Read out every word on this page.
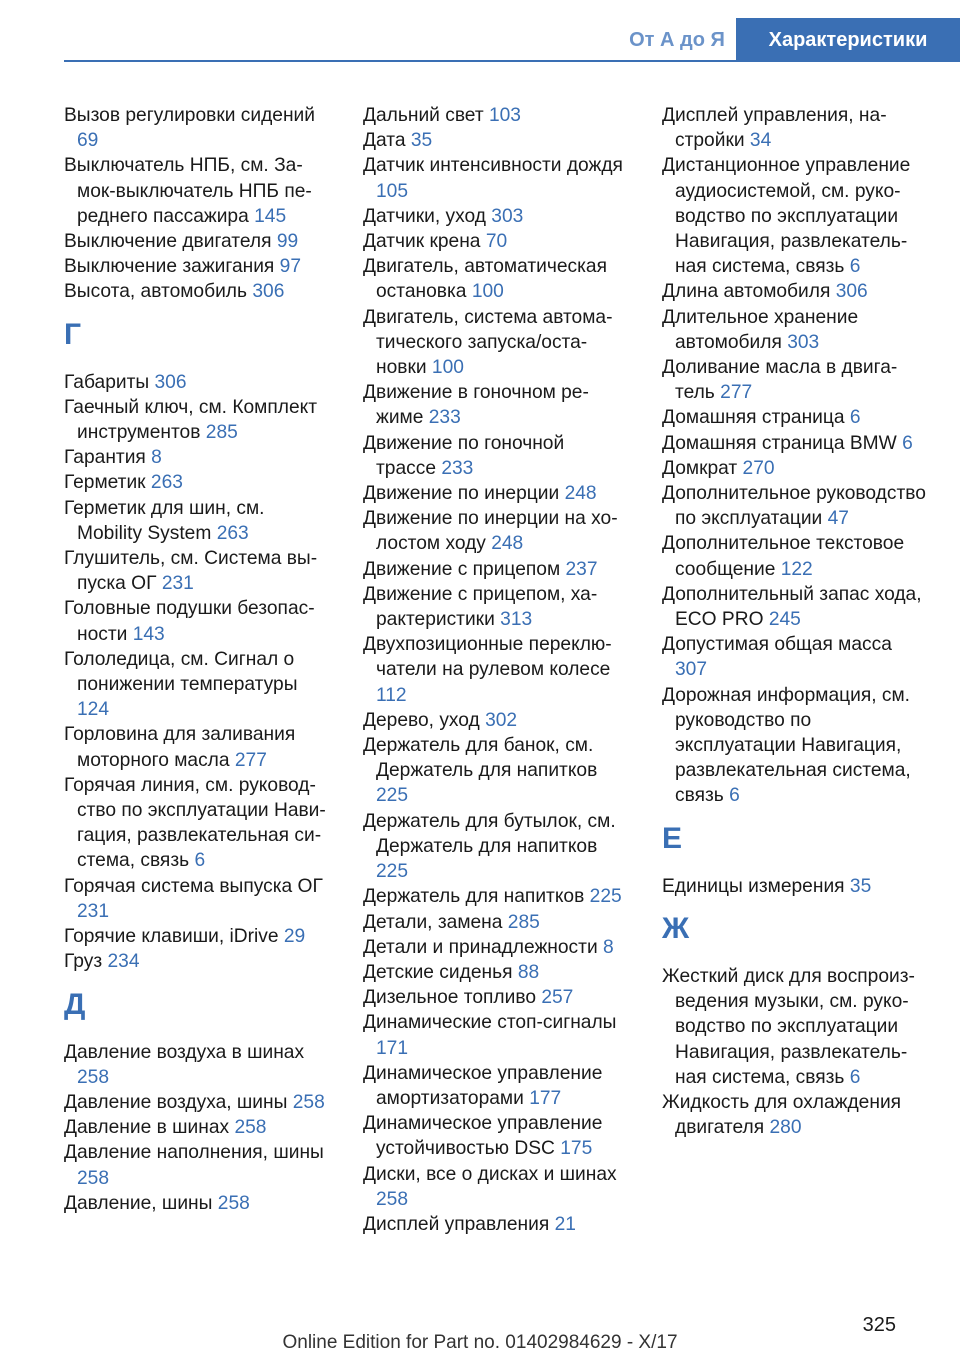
От А до Я	Характеристики
Вызов регулировки сидений 69
Выключатель НПБ, см. Замок-выключатель НПБ переднего пассажира 145
Выключение двигателя 99
Выключение зажигания 97
Высота, автомобиль 306
Г
Габариты 306
Гаечный ключ, см. Комплект инструментов 285
Гарантия 8
Герметик 263
Герметик для шин, см. Mobility System 263
Глушитель, см. Система выпуска ОГ 231
Головные подушки безопасности 143
Гололедица, см. Сигнал о понижении температуры 124
Горловина для заливания моторного масла 277
Горячая линия, см. руководство по эксплуатации Навигация, развлекательная система, связь 6
Горячая система выпуска ОГ 231
Горячие клавиши, iDrive 29
Груз 234
Д
Давление воздуха в шинах 258
Давление воздуха, шины 258
Давление в шинах 258
Давление наполнения, шины 258
Давление, шины 258
Дальний свет 103
Дата 35
Датчик интенсивности дождя 105
Датчики, уход 303
Датчик крена 70
Двигатель, автоматическая остановка 100
Двигатель, система автоматического запуска/остановки 100
Движение в гоночном режиме 233
Движение по гоночной трассе 233
Движение по инерции 248
Движение по инерции на холостом ходу 248
Движение с прицепом 237
Движение с прицепом, характеристики 313
Двухпозиционные переключатели на рулевом колесе 112
Дерево, уход 302
Держатель для банок, см. Держатель для напитков 225
Держатель для бутылок, см. Держатель для напитков 225
Держатель для напитков 225
Детали, замена 285
Детали и принадлежности 8
Детские сиденья 88
Дизельное топливо 257
Динамические стоп-сигналы 171
Динамическое управление амортизаторами 177
Динамическое управление устойчивостью DSC 175
Диски, все о дисках и шинах 258
Дисплей управления 21
Дисплей управления, настройки 34
Дистанционное управление аудиосистемой, см. руководство по эксплуатации Навигация, развлекательная система, связь 6
Длина автомобиля 306
Длительное хранение автомобиля 303
Доливание масла в двигатель 277
Домашняя страница 6
Домашняя страница BMW 6
Домкрат 270
Дополнительное руководство по эксплуатации 47
Дополнительное текстовое сообщение 122
Дополнительный запас хода, ECO PRO 245
Допустимая общая масса 307
Дорожная информация, см. руководство по эксплуатации Навигация, развлекательная система, связь 6
Е
Единицы измерения 35
Ж
Жесткий диск для воспроизведения музыки, см. руководство по эксплуатации Навигация, развлекательная система, связь 6
Жидкость для охлаждения двигателя 280
325
Online Edition for Part no. 01402984629 - X/17
